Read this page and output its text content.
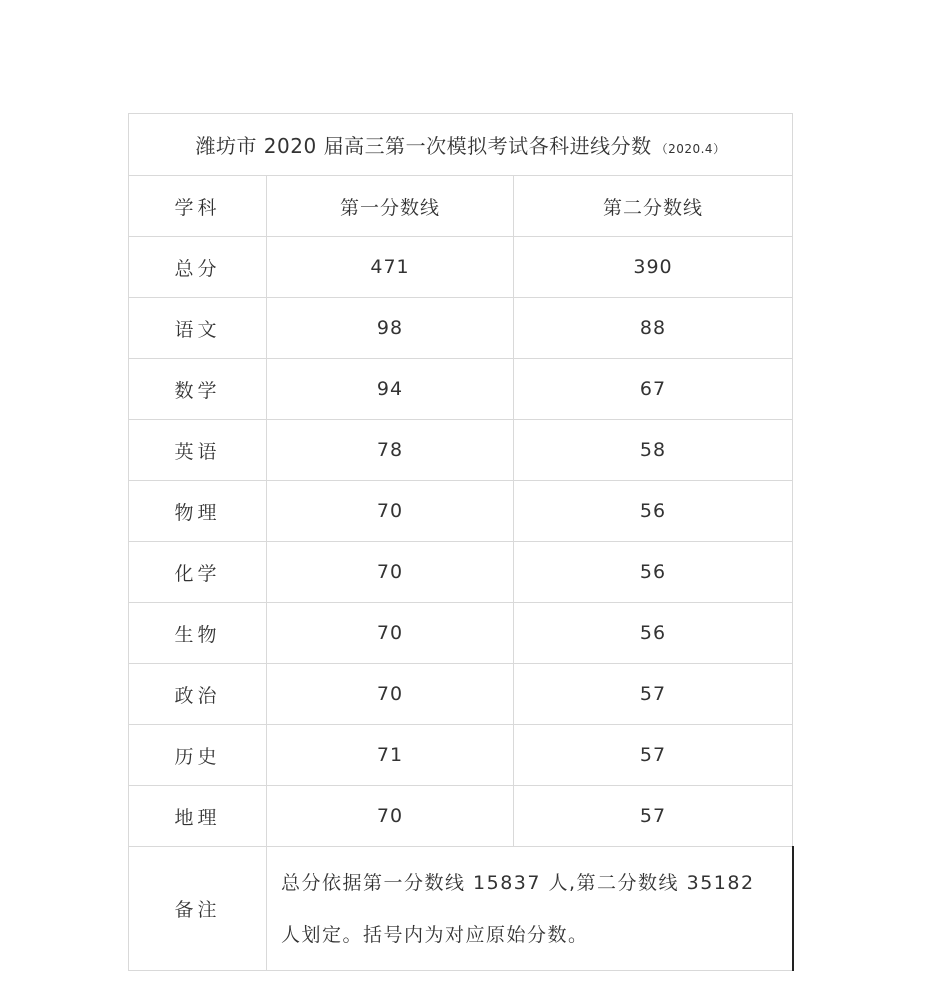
潍坊市 2020 届高三第一次模拟考试各科进线分数 （2020.4）		
学科	第一分数线	第二分数线
总分	471	390
语文	98	88
数学	94	67
英语	78	58
物理	70	56
化学	70	56
生物	70	56
政治	70	57
历史	71	57
地理	70	57
备注	总分依据第一分数线 15837 人,第二分数线 35182 人划定。括号内为对应原始分数。	
